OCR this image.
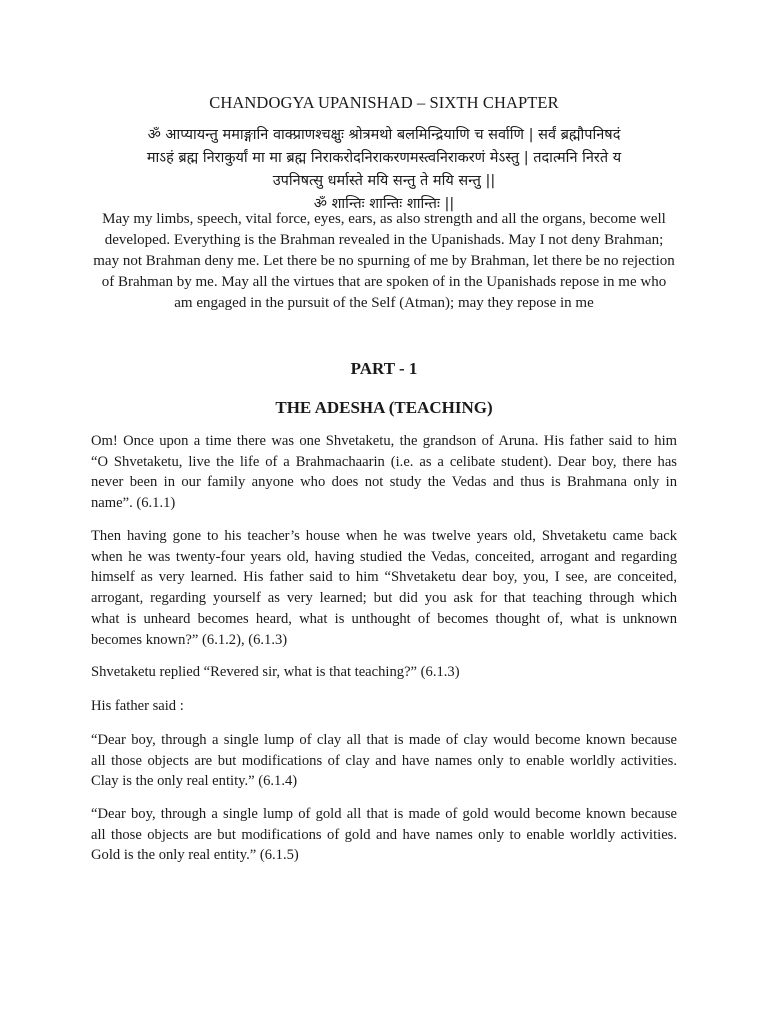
CHANDOGYA UPANISHAD – SIXTH CHAPTER
ॐ आप्यायन्तु ममाङ्गानि वाक्प्राणश्चक्षुः श्रोत्रमथो बलमिन्द्रियाणि च सर्वाणि | सर्वं ब्रह्मौपनिषदं
माऽहं ब्रह्म निराकुर्यां मा मा ब्रह्म निराकरोदनिराकरणमस्त्वनिराकरणं मेऽस्तु | तदात्मनि निरते य
उपनिषत्सु धर्मास्ते मयि सन्तु ते मयि सन्तु ||
ॐ शान्तिः शान्तिः शान्तिः ||
May my limbs, speech, vital force, eyes, ears, as also strength and all the organs, become well
developed. Everything is the Brahman revealed in the Upanishads. May I not deny Brahman;
may not Brahman deny me. Let there be no spurning of me by Brahman, let there be no rejection
of Brahman by me. May all the virtues that are spoken of in the Upanishads repose in me who
am engaged in the pursuit of the Self (Atman); may they repose in me
PART - 1
THE ADESHA (TEACHING)
Om! Once upon a time there was one Shvetaketu, the grandson of Aruna. His father said to him
“O Shvetaketu, live the life of a Brahmachaarin (i.e. as a celibate student). Dear boy, there has
never been in our family anyone who does not study the Vedas and thus is Brahmana only in
name”. (6.1.1)
Then having gone to his teacher’s house when he was twelve years old, Shvetaketu came back
when he was twenty-four years old, having studied the Vedas, conceited, arrogant and regarding
himself as very learned. His father said to him “Shvetaketu dear boy, you, I see, are conceited,
arrogant, regarding yourself as very learned; but did you ask for that teaching through which
what is unheard becomes heard, what is unthought of becomes thought of, what is unknown
becomes known?” (6.1.2), (6.1.3)
Shvetaketu replied “Revered sir, what is that teaching?” (6.1.3)
His father said :
“Dear boy, through a single lump of clay all that is made of clay would become known because
all those objects are but modifications of clay and have names only to enable worldly activities.
Clay is the only real entity.” (6.1.4)
“Dear boy, through a single lump of gold all that is made of gold would become known because
all those objects are but modifications of gold and have names only to enable worldly activities.
Gold is the only real entity.” (6.1.5)
